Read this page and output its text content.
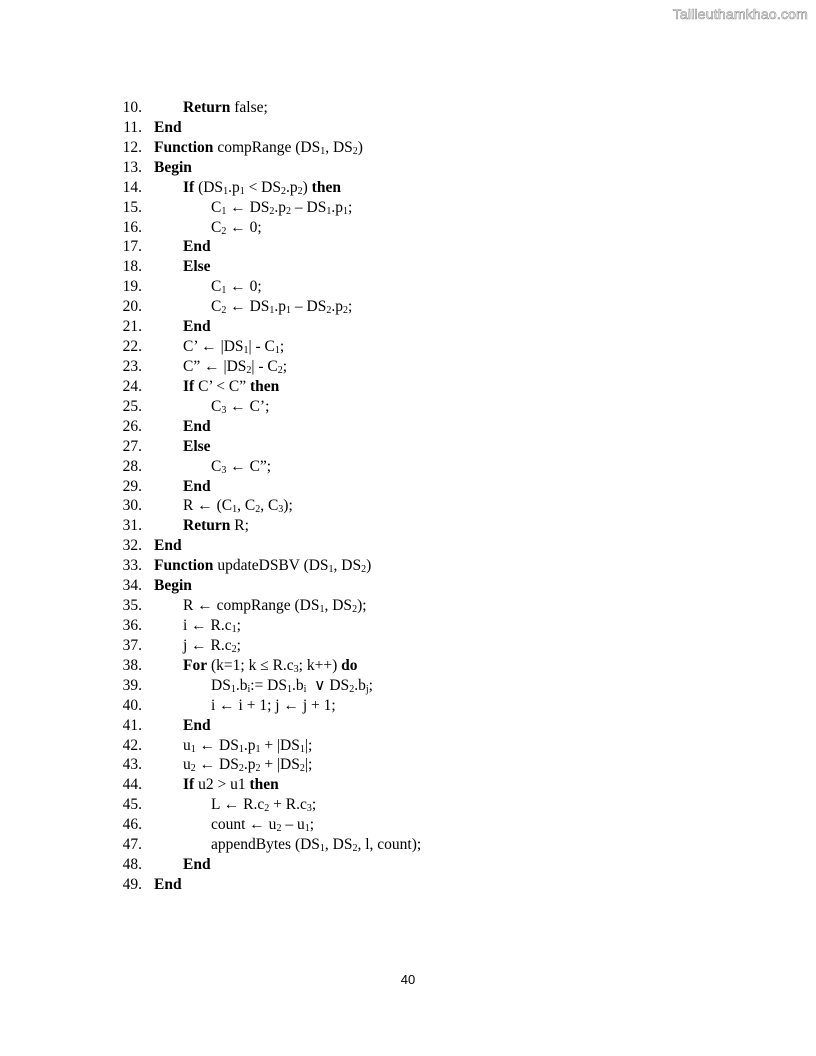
Tailieuthamkhao.com
10.	Return false;
11. End
12. Function compRange ($DS_1$, $DS_2$)
13. Begin
14.	If $(DS_1.p_1 < DS_2.p_2)$ then
15.	$C_1$ ← $DS_2.p_2 - DS_1.p_1$;
16.	$C_2$ ← 0;
17.	End
18.	Else
19.	$C_1$ ← 0;
20.	$C_2$ ← $DS_1.p_1 - DS_2.p_2$;
21.	End
22.	C’ ← $|DS_1| - C_1$;
23.	C” ← $|DS_2| - C_2$;
24.	If C’ < C” then
25.	$C_3$ ← C’;
26.	End
27.	Else
28.	$C_3$ ← C”;
29.	End
30.	R ← ($C_1$, $C_2$, $C_3$);
31.	Return R;
32. End
33. Function updateDSBV ($DS_1$, $DS_2$)
34. Begin
35.	R ← compRange ($DS_1$, $DS_2$);
36.	i ← $R.c_1$;
37.	j ← $R.c_2$;
38.	For (k=1; $k \le R.c_3$; k++) do
39.	$DS_1.b_i:= DS_1.b_i$  ∨ $DS_2.b_j$;
40.	i ← i + 1; j ← j + 1;
41.	End
42.	$u_1$ ← $DS_1.p_1 + |DS_1|$;
43.	$u_2$ ← $DS_2.p_2 + |DS_2|$;
44.	If u2 > u1 then
45.	L ← $R.c_2 + R.c_3$;
46.	count ← $u_2 - u_1$;
47.	appendBytes ($DS_1$, $DS_2$, l, count);
48.	End
49. End
40
